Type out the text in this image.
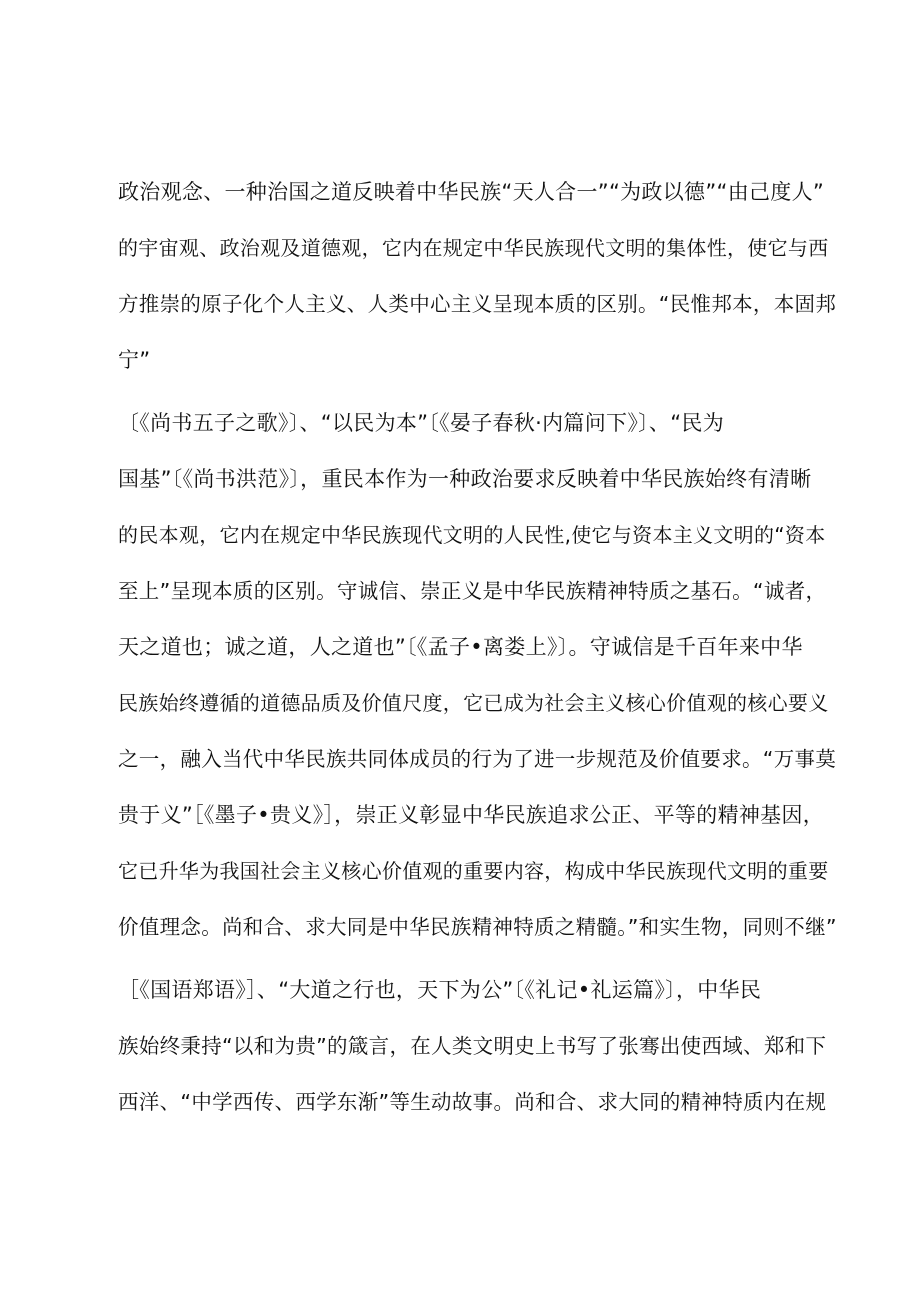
政治观念、一种治国之道反映着中华民族“天人合一”“为政以德”“由己度人”
的宇宙观、政治观及道德观，它内在规定中华民族现代文明的集体性，使它与西
方推崇的原子化个人主义、人类中心主义呈现本质的区别。“民惟邦本，本固邦
宁”
〔《尚书五子之歌》〕、“以民为本”〔《晏子春秋·内篇问下》〕、“民为
国基”〔《尚书洪范》〕，重民本作为一种政治要求反映着中华民族始终有清晰
的民本观，它内在规定中华民族现代文明的人民性,使它与资本主义文明的“资本
至上”呈现本质的区别。守诚信、崇正义是中华民族精神特质之基石。“诚者，
天之道也；诚之道，人之道也”〔《孟子•离娄上》〕。守诚信是千百年来中华
民族始终遵循的道德品质及价值尺度，它已成为社会主义核心价值观的核心要义
之一，融入当代中华民族共同体成员的行为了进一步规范及价值要求。“万事莫
贵于义”［《墨子•贵义》］，崇正义彰显中华民族追求公正、平等的精神基因，
它已升华为我国社会主义核心价值观的重要内容，构成中华民族现代文明的重要
价值理念。尚和合、求大同是中华民族精神特质之精髓。”和实生物，同则不继”
［《国语郑语》］、“大道之行也，天下为公”〔《礼记•礼运篇》〕，中华民
族始终秉持“以和为贵”的箴言，在人类文明史上书写了张骞出使西域、郑和下
西洋、“中学西传、西学东渐”等生动故事。尚和合、求大同的精神特质内在规
